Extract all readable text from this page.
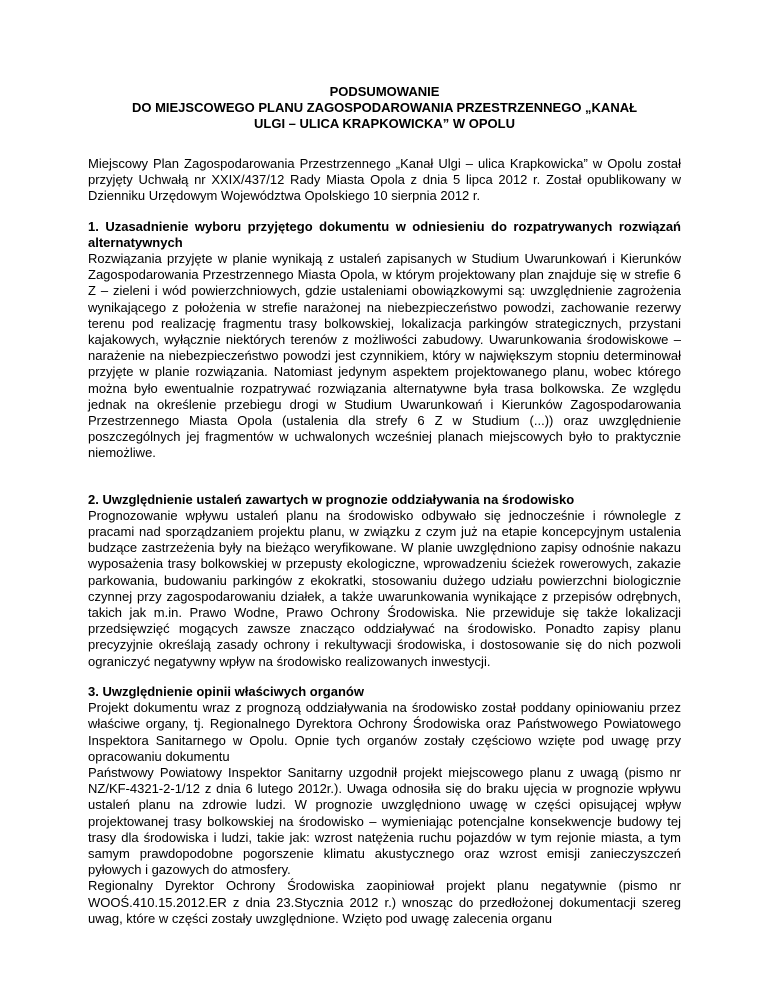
PODSUMOWANIE
DO MIEJSCOWEGO PLANU ZAGOSPODAROWANIA PRZESTRZENNEGO „KANAŁ
ULGI – ULICA KRAPKOWICKA” W OPOLU

Miejscowy Plan Zagospodarowania Przestrzennego „Kanał Ulgi – ulica Krapkowicka” w Opolu został przyjęty Uchwałą nr XXIX/437/12 Rady Miasta Opola z dnia 5 lipca 2012 r. Został opublikowany w Dzienniku Urzędowym Województwa Opolskiego 10 sierpnia 2012 r.

1. Uzasadnienie wyboru przyjętego dokumentu w odniesieniu do rozpatrywanych rozwiązań alternatywnych

Rozwiązania przyjęte w planie wynikają z ustaleń zapisanych w Studium Uwarunkowań i Kierunków Zagospodarowania Przestrzennego Miasta Opola, w którym projektowany plan znajduje się w strefie 6 Z – zieleni i wód powierzchniowych, gdzie ustaleniami obowiązkowymi są: uwzględnienie zagrożenia wynikającego z położenia w strefie narażonej na niebezpieczeństwo powodzi, zachowanie rezerwy terenu pod realizację fragmentu trasy bolkowskiej, lokalizacja parkingów strategicznych, przystani kajakowych, wyłącznie niektórych terenów z możliwości zabudowy. Uwarunkowania środowiskowe – narażenie na niebezpieczeństwo powodzi jest czynnikiem, który w największym stopniu determinował przyjęte w planie rozwiązania. Natomiast jedynym aspektem projektowanego planu, wobec którego można było ewentualnie rozpatrywać rozwiązania alternatywne była trasa bolkowska. Ze względu jednak na określenie przebiegu drogi w Studium Uwarunkowań i Kierunków Zagospodarowania Przestrzennego Miasta Opola (ustalenia dla strefy 6 Z w Studium (...)) oraz uwzględnienie poszczególnych jej fragmentów w uchwalonych wcześniej planach miejscowych było to praktycznie niemożliwe.

2. Uwzględnienie ustaleń zawartych w prognozie oddziaływania na środowisko

Prognozowanie wpływu ustaleń planu na środowisko odbywało się jednocześnie i równolegle z pracami nad sporządzaniem projektu planu, w związku z czym już na etapie koncepcyjnym ustalenia budzące zastrzeżenia były na bieżąco weryfikowane. W planie uwzględniono zapisy odnośnie nakazu wyposażenia trasy bolkowskiej w przepusty ekologiczne, wprowadzeniu ścieżek rowerowych, zakazie parkowania, budowaniu parkingów z ekokratki, stosowaniu dużego udziału powierzchni biologicznie czynnej przy zagospodarowaniu działek, a także uwarunkowania wynikające z przepisów odrębnych, takich jak m.in. Prawo Wodne, Prawo Ochrony Środowiska. Nie przewiduje się także lokalizacji przedsięwzięć mogących zawsze znacząco oddziaływać na środowisko. Ponadto zapisy planu precyzyjnie określają zasady ochrony i rekultywacji środowiska, i dostosowanie się do nich pozwoli ograniczyć negatywny wpływ na środowisko realizowanych inwestycji.

3. Uwzględnienie opinii właściwych organów

Projekt dokumentu wraz z prognozą oddziaływania na środowisko został poddany opiniowaniu przez właściwe organy, tj. Regionalnego Dyrektora Ochrony Środowiska oraz Państwowego Powiatowego Inspektora Sanitarnego w Opolu. Opnie tych organów zostały częściowo wzięte pod uwagę przy opracowaniu dokumentu

Państwowy Powiatowy Inspektor Sanitarny uzgodnił projekt miejscowego planu z uwagą (pismo nr NZ/KF-4321-2-1/12 z dnia 6 lutego 2012r.). Uwaga odnosiła się do braku ujęcia w prognozie wpływu ustaleń planu na zdrowie ludzi. W prognozie uwzględniono uwagę w części opisującej wpływ projektowanej trasy bolkowskiej na środowisko – wymieniając potencjalne konsekwencje budowy tej trasy dla środowiska i ludzi, takie jak: wzrost natężenia ruchu pojazdów w tym rejonie miasta, a tym samym prawdopodobne pogorszenie klimatu akustycznego oraz wzrost emisji zanieczyszczeń pyłowych i gazowych do atmosfery.

Regionalny Dyrektor Ochrony Środowiska zaopiniował projekt planu negatywnie (pismo nr WOOŚ.410.15.2012.ER z dnia 23.Stycznia 2012 r.) wnosząc do przedłożonej dokumentacji szereg uwag, które w części zostały uwzględnione. Wzięto pod uwagę zalecenia organu
